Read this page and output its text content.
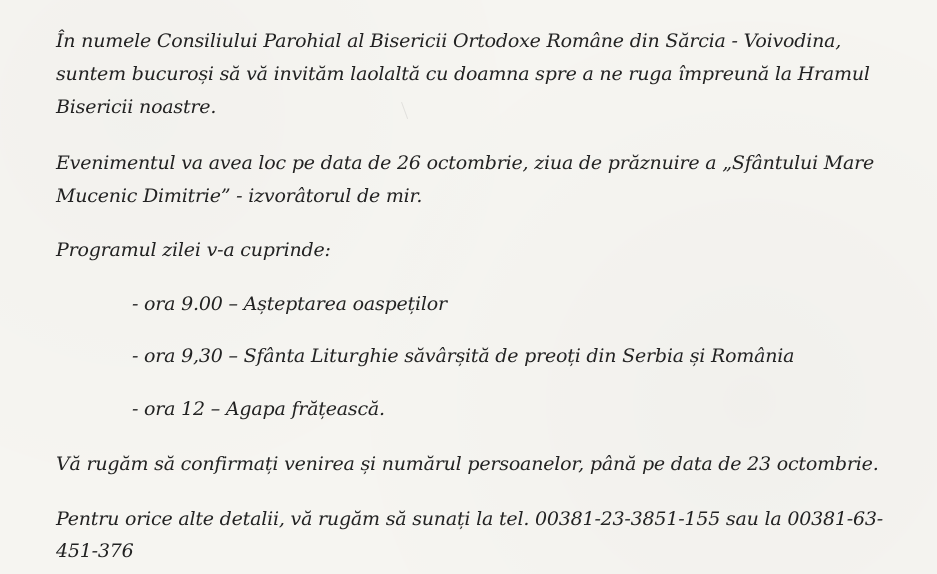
În numele Consiliului Parohial al Bisericii Ortodoxe Române din Sărcia - Voivodina,
suntem bucuroși să vă invităm laolaltă cu doamna spre a ne ruga împreună la Hramul
Bisericii noastre.
Evenimentul va avea loc pe data de 26 octombrie, ziua de prăznuire a „Sfântului Mare
Mucenic Dimitrie” - izvorâtorul de mir.
Programul zilei v-a cuprinde:
- ora 9.00 – Așteptarea oaspeților
- ora 9,30 – Sfânta Liturghie săvârșită de preoți din Serbia și România
- ora 12 – Agapa frățească.
Vă rugăm să confirmați venirea și numărul persoanelor, până pe data de 23 octombrie.
Pentru orice alte detalii, vă rugăm să sunați la tel. 00381-23-3851-155 sau la 00381-63-
451-376
